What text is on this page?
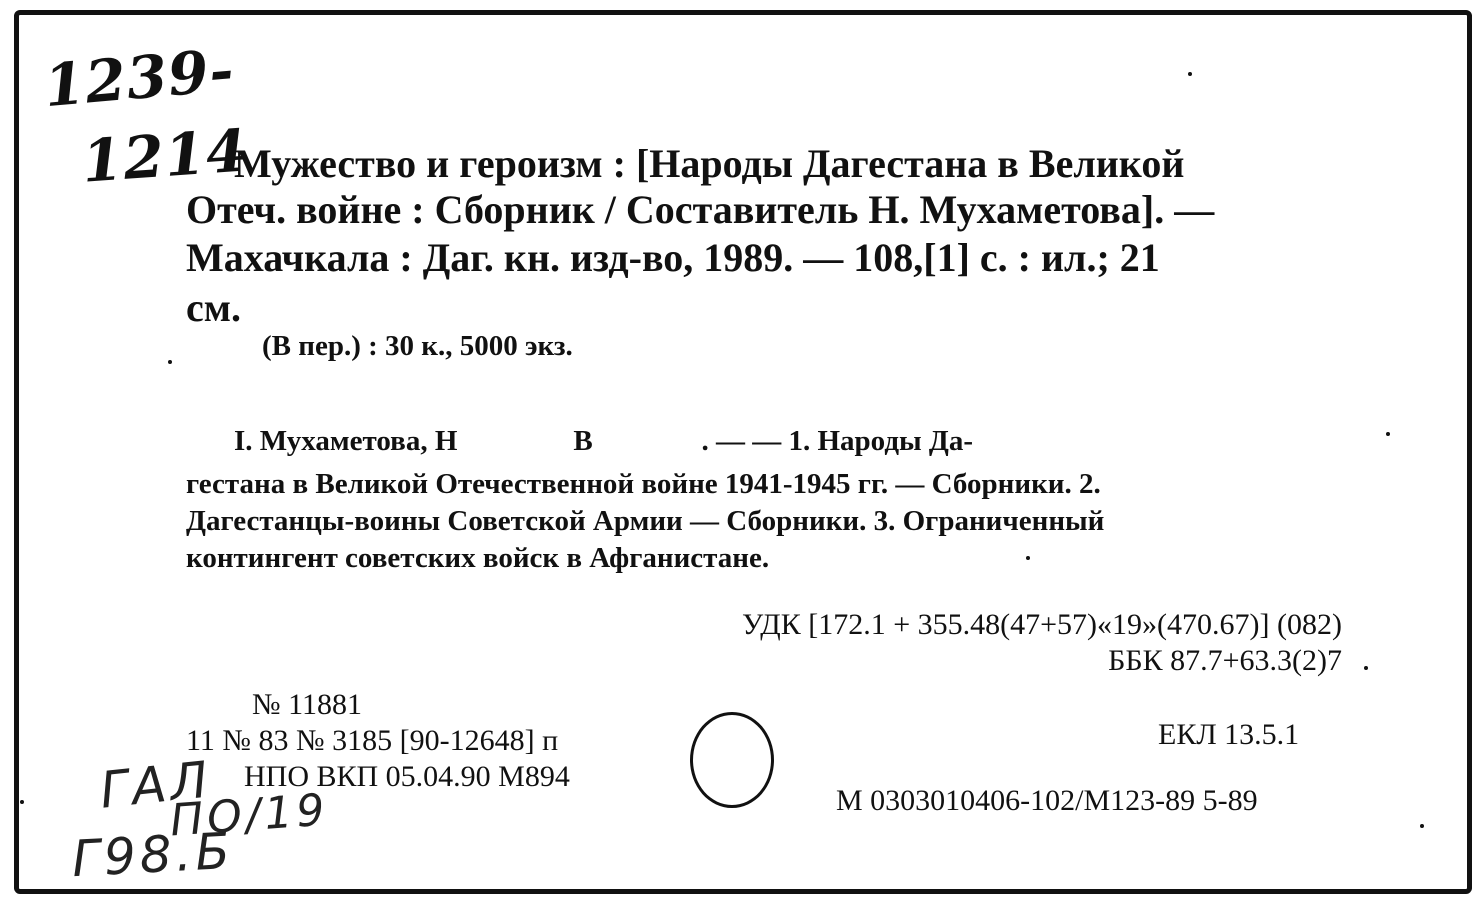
1239-
1214
Мужество и героизм : [Народы Дагестана в Великой
Отеч. войне : Сборник / Составитель Н. Мухаметова]. —
Махачкала : Даг. кн. изд-во, 1989. — 108,[1] с. : ил.; 21
см.
(В пер.) : 30 к., 5000 экз.
I. Мухаметова, Н                В               . — — 1. Народы Да-
гестана в Великой Отечественной войне 1941-1945 гг. — Сборники. 2.
Дагестанцы-воины Советской Армии — Сборники. 3. Ограниченный
контингент советских войск в Афганистане.
УДК [172.1 + 355.48(47+57)«19»(470.67)] (082)
ББК 87.7+63.3(2)7
№ 11881
11 № 83 № 3185 [90-12648] п
НПО ВКП 05.04.90 М894
ЕКЛ 13.5.1
М 0303010406-102/М123-89 5-89
ГАЛ
ПО/19
Г98.Б
